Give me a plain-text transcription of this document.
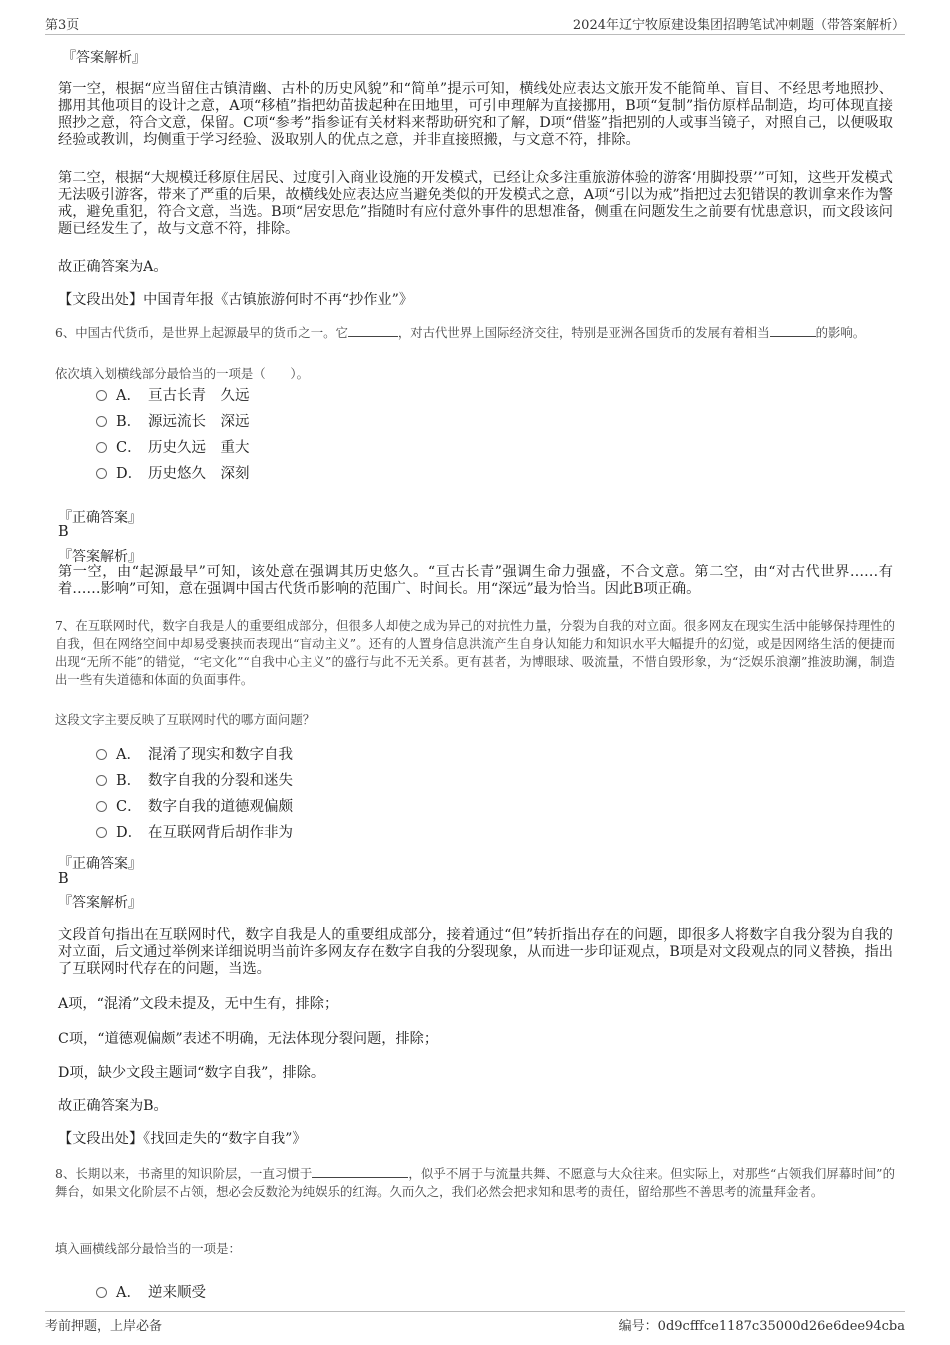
第3页	2024年辽宁牧原建设集团招聘笔试冲刺题（带答案解析）
『答案解析』
第一空，根据“应当留住古镇清幽、古朴的历史风貌”和“简单”提示可知，横线处应表达文旅开发不能简单、盲目、不经思考地照抄、挪用其他项目的设计之意，A项“移植”指把幼苗拔起种在田地里，可引申理解为直接挪用，B项“复制”指仿原样品制造，均可体现直接照抄之意，符合文意，保留。C项“参考”指参证有关材料来帮助研究和了解，D项“借鉴”指把别的人或事当镜子，对照自己，以便吸取经验或教训，均侧重于学习经验、汲取别人的优点之意，并非直接照搬，与文意不符，排除。
第二空，根据“大规模迁移原住居民、过度引入商业设施的开发模式，已经让众多注重旅游体验的游客‘用脚投票’”可知，这些开发模式无法吸引游客，带来了严重的后果，故横线处应表达应当避免类似的开发模式之意，A项“引以为戒”指把过去犯错误的教训拿来作为警戒，避免重犯，符合文意，当选。B项“居安思危”指随时有应付意外事件的思想准备，侧重在问题发生之前要有忧患意识，而文段该问题已经发生了，故与文意不符，排除。
故正确答案为A。
【文段出处】中国青年报《古镇旅游何时不再“抄作业”》
6、中国古代货币，是世界上起源最早的货币之一。它	，对古代世界上国际经济交往，特别是亚洲各国货币的发展有着相当	的影响。
依次填入划横线部分最恰当的一项是（　　）。
A． 亘古长青　久远
B． 源远流长　深远
C． 历史久远　重大
D． 历史悠久　深刻
『正确答案』
B
『答案解析』
第一空，由“起源最早”可知，该处意在强调其历史悠久。“亘古长青”强调生命力强盛，不合文意。第二空，由“对古代世界……有着……影响”可知，意在强调中国古代货币影响的范围广、时间长。用“深远”最为恰当。因此B项正确。
7、在互联网时代，数字自我是人的重要组成部分，但很多人却使之成为异己的对抗性力量，分裂为自我的对立面。很多网友在现实生活中能够保持理性的自我，但在网络空间中却易受裹挟而表现出“盲动主义”。还有的人置身信息洪流产生自身认知能力和知识水平大幅提升的幻觉，或是因网络生活的便捷而出现“无所不能”的错觉，“宅文化”“自我中心主义”的盛行与此不无关系。更有甚者，为博眼球、吸流量，不惜自毁形象，为“泛娱乐浪潮”推波助澜，制造出一些有失道德和体面的负面事件。
这段文字主要反映了互联网时代的哪方面问题？
A． 混淆了现实和数字自我
B． 数字自我的分裂和迷失
C． 数字自我的道德观偏颇
D． 在互联网背后胡作非为
『正确答案』
B
『答案解析』
文段首句指出在互联网时代，数字自我是人的重要组成部分，接着通过“但”转折指出存在的问题，即很多人将数字自我分裂为自我的对立面，后文通过举例来详细说明当前许多网友存在数字自我的分裂现象，从而进一步印证观点，B项是对文段观点的同义替换，指出了互联网时代存在的问题，当选。
A项，“混淆”文段未提及，无中生有，排除；
C项，“道德观偏颇”表述不明确，无法体现分裂问题，排除；
D项，缺少文段主题词“数字自我”，排除。
故正确答案为B。
【文段出处】《找回走失的“数字自我”》
8、长期以来，书斋里的知识阶层，一直习惯于	，似乎不屑于与流量共舞、不愿意与大众往来。但实际上，对那些“占领我们屏幕时间”的舞台，如果文化阶层不占领，想必会反数沦为纯娱乐的红海。久而久之，我们必然会把求知和思考的责任，留给那些不善思考的流量拜金者。
填入画横线部分最恰当的一项是：
A． 逆来顺受
考前押题，上岸必备	编号：0d9cfffce1187c35000d26e6dee94cba
